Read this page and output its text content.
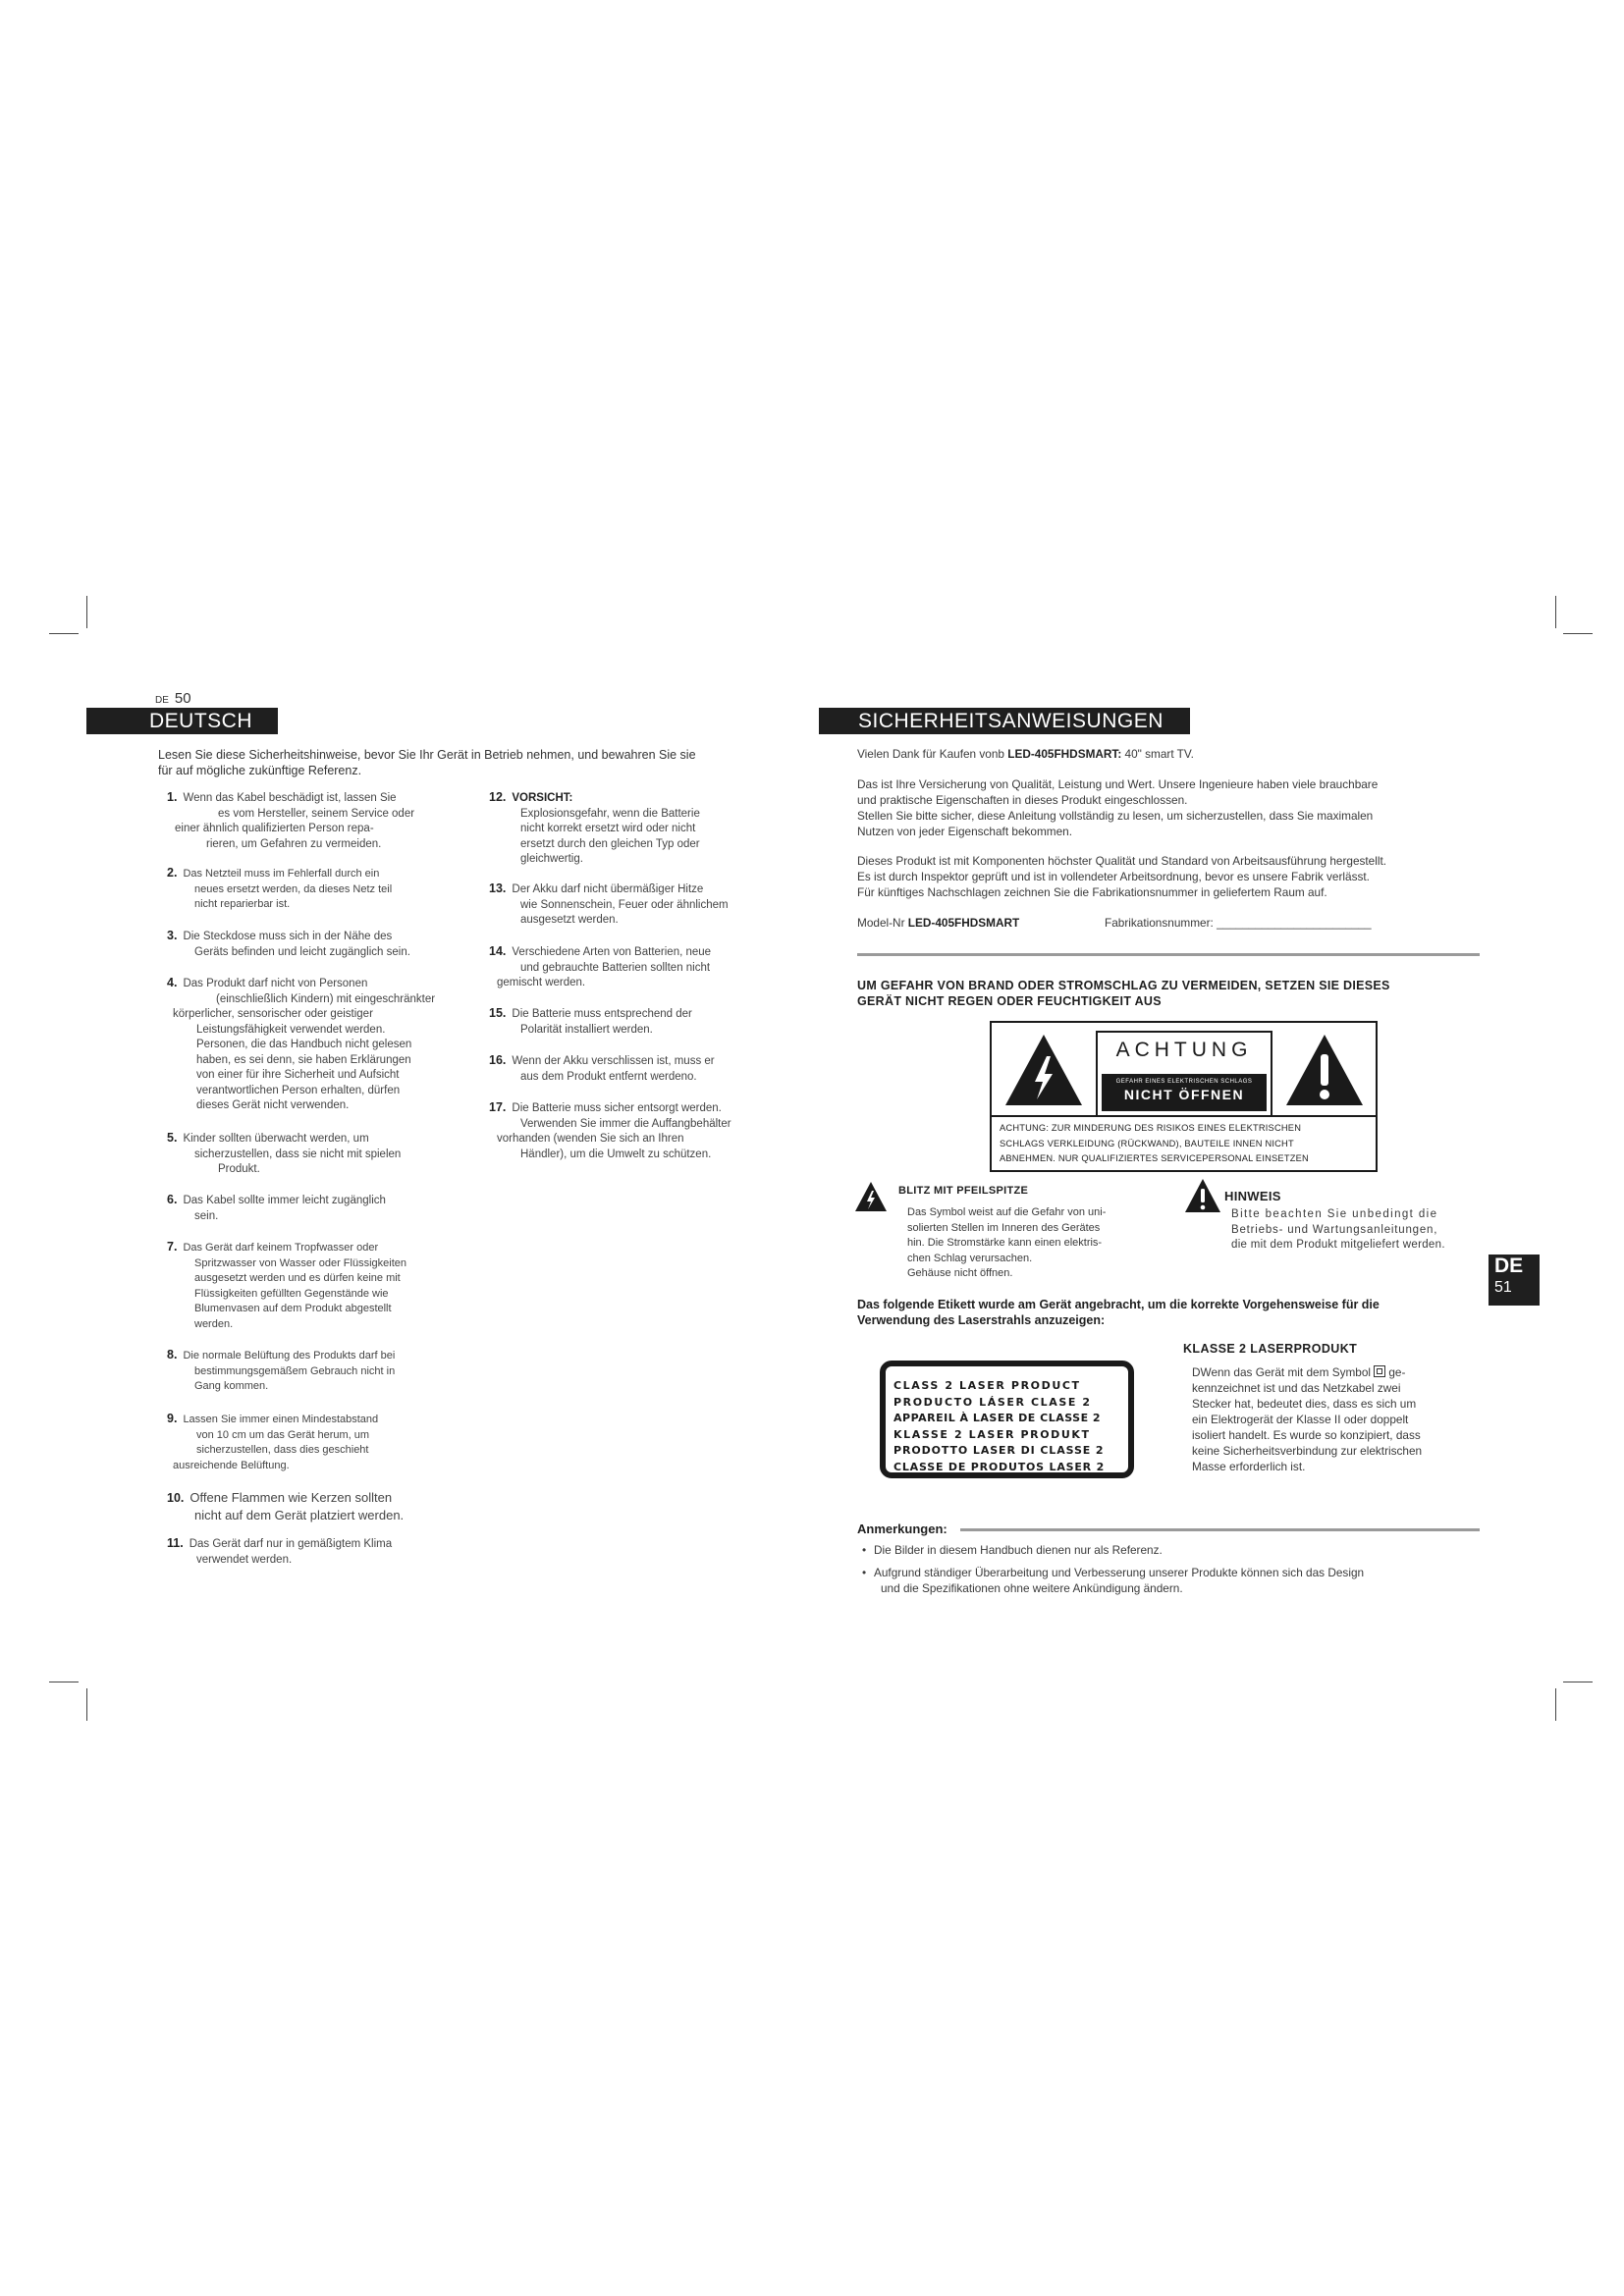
DE 50
DEUTSCH
Lesen Sie diese Sicherheitshinweise, bevor Sie Ihr Gerät in Betrieb nehmen, und bewahren Sie sie
für auf mögliche zukünftige Referenz.
1. Wenn das Kabel beschädigt ist, lassen Sie
es vom Hersteller, seinem Service oder
einer ähnlich qualifizierten Person repa-
rieren, um Gefahren zu vermeiden.
2. Das Netzteil muss im Fehlerfall durch ein
neues ersetzt werden, da dieses Netz teil
nicht reparierbar ist.
3. Die Steckdose muss sich in der Nähe des
Geräts befinden und leicht zugänglich sein.
4. Das Produkt darf nicht von Personen
(einschließlich Kindern) mit eingeschränkter
körperlicher, sensorischer oder geistiger
Leistungsfähigkeit verwendet werden.
Personen, die das Handbuch nicht gelesen
haben, es sei denn, sie haben Erklärungen
von einer für ihre Sicherheit und Aufsicht
verantwortlichen Person erhalten, dürfen
dieses Gerät nicht verwenden.
5. Kinder sollten überwacht werden, um
sicherzustellen, dass sie nicht mit spielen
Produkt.
6. Das Kabel sollte immer leicht zugänglich
sein.
7. Das Gerät darf keinem Tropfwasser oder
Spritzwasser von Wasser oder Flüssigkeiten
ausgesetzt werden und es dürfen keine mit
Flüssigkeiten gefüllten Gegenstände wie
Blumenvasen auf dem Produkt abgestellt
werden.
8. Die normale Belüftung des Produkts darf bei
bestimmungsgemäßem Gebrauch nicht in
Gang kommen.
9. Lassen Sie immer einen Mindestabstand
von 10 cm um das Gerät herum, um
sicherzustellen, dass dies geschieht
ausreichende Belüftung.
10. Offene Flammen wie Kerzen sollten
nicht auf dem Gerät platziert werden.
11. Das Gerät darf nur in gemäßigtem Klima
verwendet werden.
12. VORSICHT:
Explosionsgefahr, wenn die Batterie
nicht korrekt ersetzt wird oder nicht
ersetzt durch den gleichen Typ oder
gleichwertig.
13. Der Akku darf nicht übermäßiger Hitze
wie Sonnenschein, Feuer oder ähnlichem
ausgesetzt werden.
14. Verschiedene Arten von Batterien, neue
und gebrauchte Batterien sollten nicht
gemischt werden.
15. Die Batterie muss entsprechend der
Polarität installiert werden.
16. Wenn der Akku verschlissen ist, muss er
aus dem Produkt entfernt werdeno.
17. Die Batterie muss sicher entsorgt werden.
Verwenden Sie immer die Auffangbehälter
vorhanden (wenden Sie sich an Ihren
Händler), um die Umwelt zu schützen.
SICHERHEITSANWEISUNGEN
Vielen Dank für Kaufen vonb LED-405FHDSMART: 40" smart TV.
Das ist Ihre Versicherung von Qualität, Leistung und Wert. Unsere Ingenieure haben viele brauchbare
und praktische Eigenschaften in dieses Produkt eingeschlossen.
Stellen Sie bitte sicher, diese Anleitung vollständig zu lesen, um sicherzustellen, dass Sie maximalen
Nutzen von jeder Eigenschaft bekommen.
Dieses Produkt ist mit Komponenten höchster Qualität und Standard von Arbeitsausführung hergestellt.
Es ist durch Inspektor geprüft und ist in vollendeter Arbeitsordnung, bevor es unsere Fabrik verlässt.
Für künftiges Nachschlagen zeichnen Sie die Fabrikationsnummer in geliefertem Raum auf.
Model-Nr LED-405FHDSMART	Fabrikationsnummer: ________________________
UM GEFAHR VON BRAND ODER STROMSCHLAG ZU VERMEIDEN, SETZEN SIE DIESES
GERÄT NICHT REGEN ODER FEUCHTIGKEIT AUS
ACHTUNG
GEFAHR EINES ELEKTRISCHEN SCHLAGS
NICHT ÖFFNEN
ACHTUNG: ZUR MINDERUNG DES RISIKOS EINES ELEKTRISCHEN
SCHLAGS VERKLEIDUNG (RÜCKWAND), BAUTEILE INNEN NICHT
ABNEHMEN. NUR QUALIFIZIERTES SERVICEPERSONAL EINSETZEN
BLITZ MIT PFEILSPITZE
Das Symbol weist auf die Gefahr von uni-
solierten Stellen im Inneren des Gerätes
hin. Die Stromstärke kann einen elektris-
chen Schlag verursachen.
Gehäuse nicht öffnen.
HINWEIS
Bitte beachten Sie unbedingt die
Betriebs- und Wartungsanleitungen,
die mit dem Produkt mitgeliefert werden.
DE
51
Das folgende Etikett wurde am Gerät angebracht, um die korrekte Vorgehensweise für die
Verwendung des Laserstrahls anzuzeigen:
CLASS 2 LASER PRODUCT
PRODUCTO LÁSER CLASE 2
APPAREIL À LASER DE CLASSE 2
KLASSE 2 LASER PRODUKT
PRODOTTO LASER DI CLASSE 2
CLASSE DE PRODUTOS LASER 2
KLASSE 2 LASERPRODUKT
DWenn das Gerät mit dem Symbol
ge-
kennzeichnet ist und das Netzkabel zwei
Stecker hat, bedeutet dies, dass es sich um
ein Elektrogerät der Klasse II oder doppelt
isoliert handelt. Es wurde so konzipiert, dass
keine Sicherheitsverbindung zur elektrischen
Masse erforderlich ist.
Anmerkungen:
• Die Bilder in diesem Handbuch dienen nur als Referenz.
• Aufgrund ständiger Überarbeitung und Verbesserung unserer Produkte können sich das Design
und die Spezifikationen ohne weitere Ankündigung ändern.
